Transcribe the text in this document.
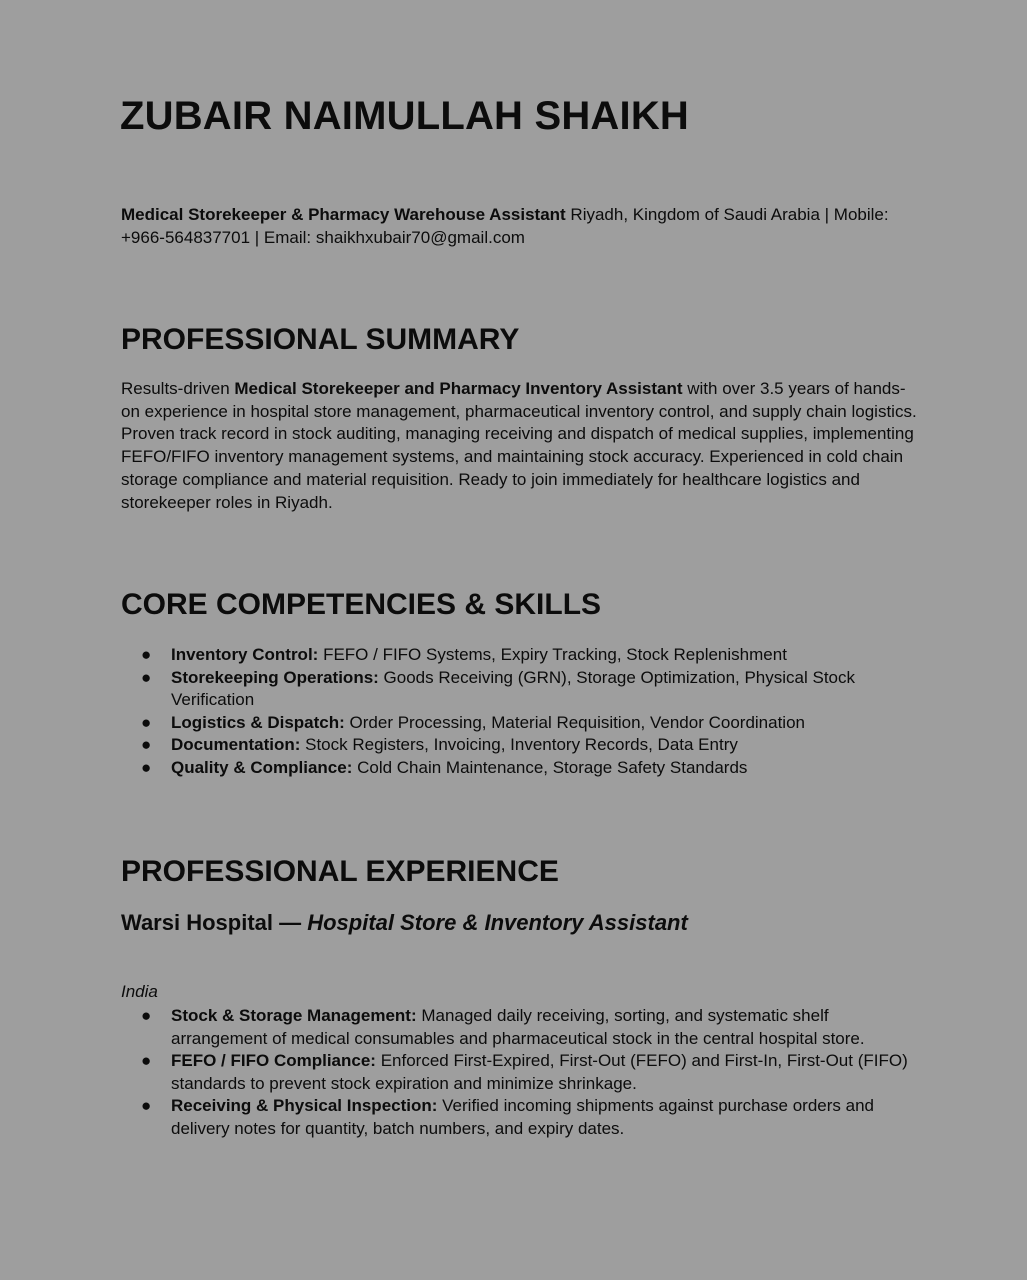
ZUBAIR NAIMULLAH SHAIKH

Medical Storekeeper & Pharmacy Warehouse Assistant Riyadh, Kingdom of Saudi Arabia | Mobile: +966-564837701 | Email: shaikhxubair70@gmail.com

PROFESSIONAL SUMMARY

Results-driven Medical Storekeeper and Pharmacy Inventory Assistant with over 3.5 years of hands-on experience in hospital store management, pharmaceutical inventory control, and supply chain logistics. Proven track record in stock auditing, managing receiving and dispatch of medical supplies, implementing FEFO/FIFO inventory management systems, and maintaining stock accuracy. Experienced in cold chain storage compliance and material requisition. Ready to join immediately for healthcare logistics and storekeeper roles in Riyadh.

CORE COMPETENCIES & SKILLS
● Inventory Control: FEFO / FIFO Systems, Expiry Tracking, Stock Replenishment
● Storekeeping Operations: Goods Receiving (GRN), Storage Optimization, Physical Stock Verification
● Logistics & Dispatch: Order Processing, Material Requisition, Vendor Coordination
● Documentation: Stock Registers, Invoicing, Inventory Records, Data Entry
● Quality & Compliance: Cold Chain Maintenance, Storage Safety Standards
PROFESSIONAL EXPERIENCE

Warsi Hospital — Hospital Store & Inventory Assistant

India

● Stock & Storage Management: Managed daily receiving, sorting, and systematic shelf arrangement of medical consumables and pharmaceutical stock in the central hospital store.
● FEFO / FIFO Compliance: Enforced First-Expired, First-Out (FEFO) and First-In, First-Out (FIFO) standards to prevent stock expiration and minimize shrinkage.
● Receiving & Physical Inspection: Verified incoming shipments against purchase orders and delivery notes for quantity, batch numbers, and expiry dates.
